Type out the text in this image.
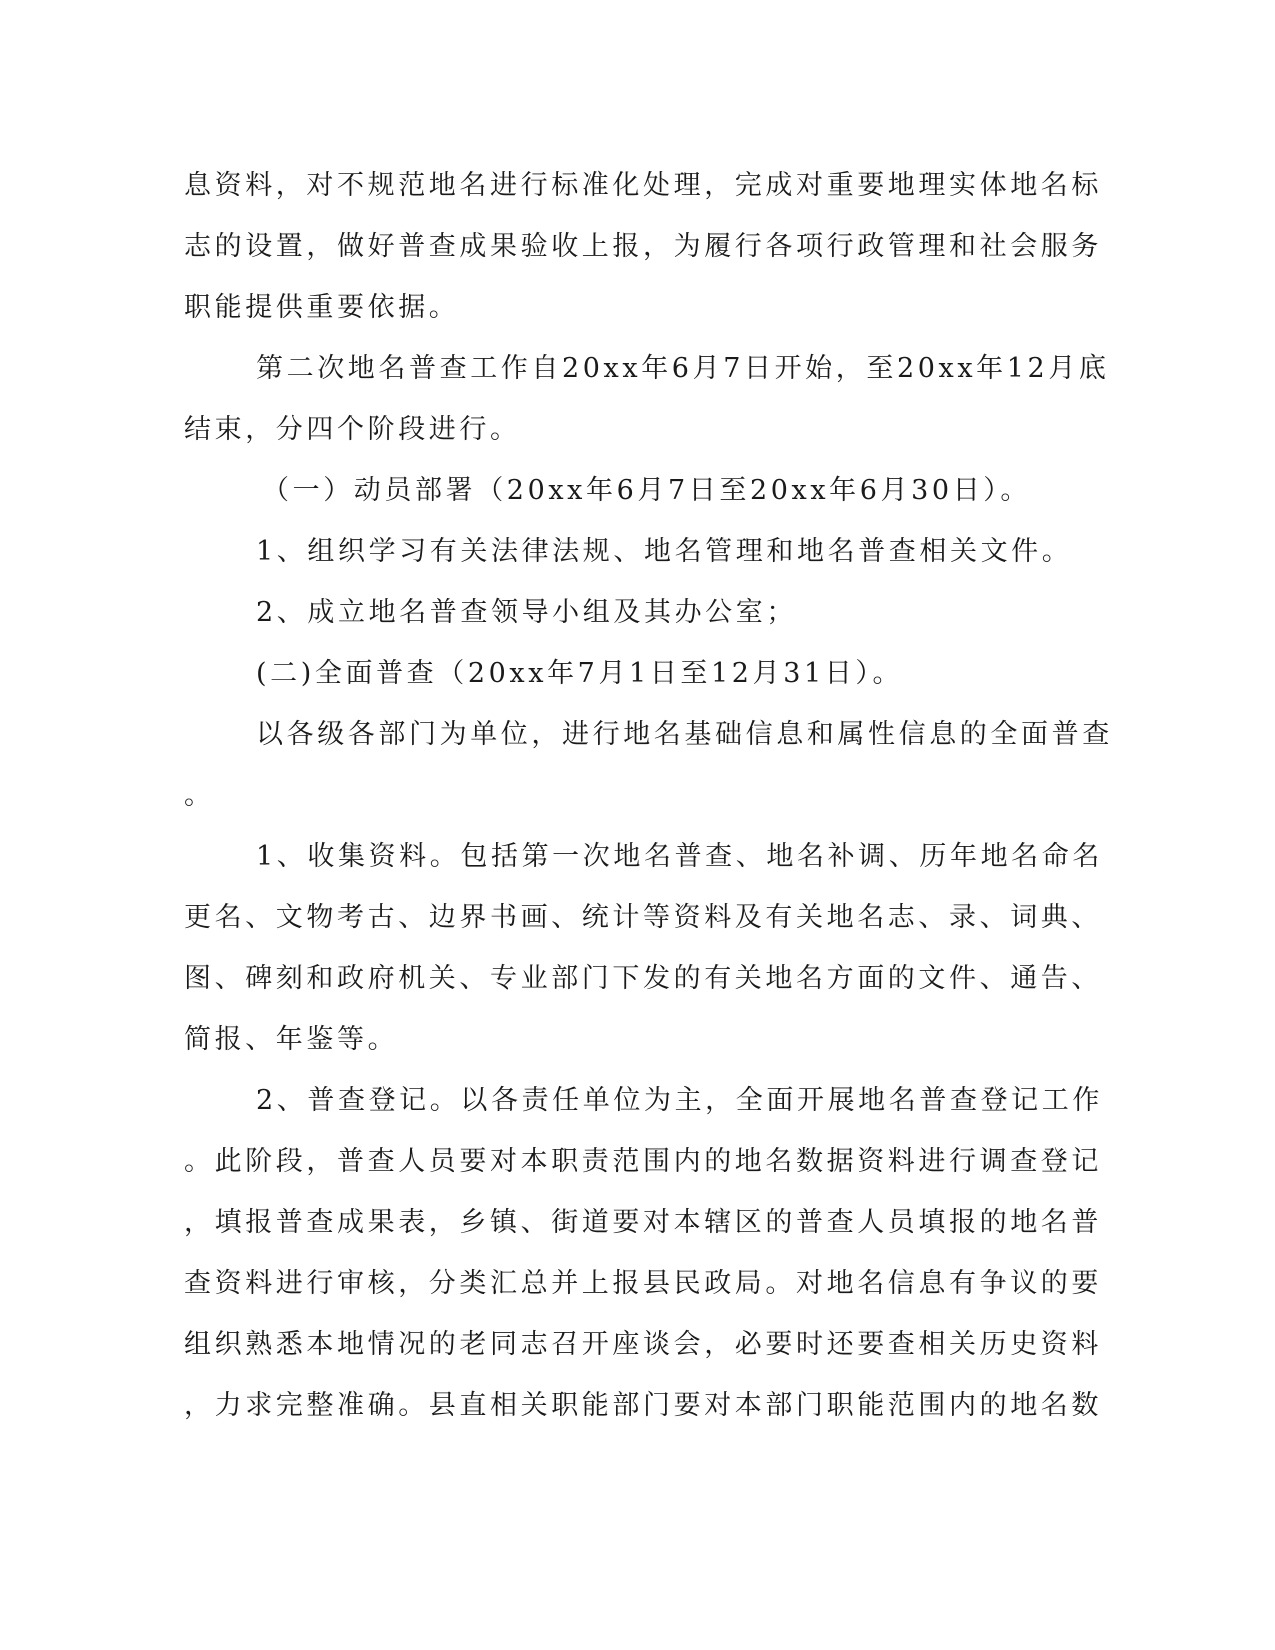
息资料，对不规范地名进行标准化处理，完成对重要地理实体地名标
志的设置，做好普查成果验收上报，为履行各项行政管理和社会服务
职能提供重要依据。
第二次地名普查工作自20xx年6月7日开始，至20xx年12月底
结束，分四个阶段进行。
（一）动员部署（20xx年6月7日至20xx年6月30日）。
1、组织学习有关法律法规、地名管理和地名普查相关文件。
2、成立地名普查领导小组及其办公室；
(二)全面普查（20xx年7月1日至12月31日）。
以各级各部门为单位，进行地名基础信息和属性信息的全面普查
。
1、收集资料。包括第一次地名普查、地名补调、历年地名命名
更名、文物考古、边界书画、统计等资料及有关地名志、录、词典、
图、碑刻和政府机关、专业部门下发的有关地名方面的文件、通告、
简报、年鉴等。
2、普查登记。以各责任单位为主，全面开展地名普查登记工作
。此阶段，普查人员要对本职责范围内的地名数据资料进行调查登记
，填报普查成果表，乡镇、街道要对本辖区的普查人员填报的地名普
查资料进行审核，分类汇总并上报县民政局。对地名信息有争议的要
组织熟悉本地情况的老同志召开座谈会，必要时还要查相关历史资料
，力求完整准确。县直相关职能部门要对本部门职能范围内的地名数
